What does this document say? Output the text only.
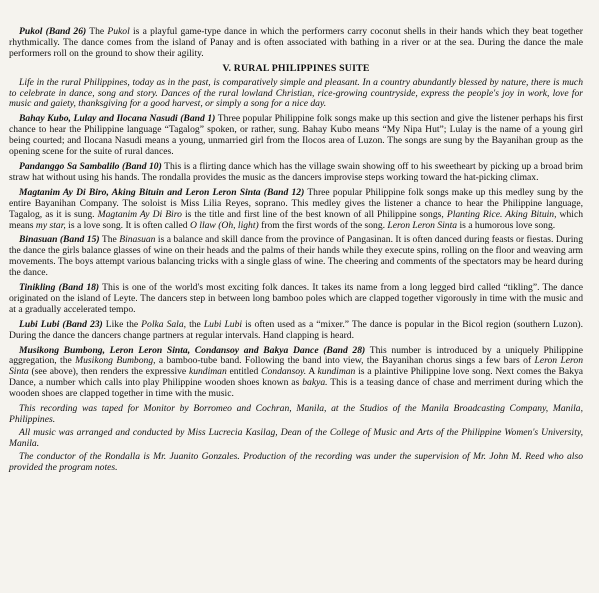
Pukol (Band 26) The Pukol is a playful game-type dance in which the performers carry coconut shells in their hands which they beat together rhythmically. The dance comes from the island of Panay and is often associated with bathing in a river or at the sea. During the dance the male performers roll on the ground to show their agility.

V. RURAL PHILIPPINES SUITE

Life in the rural Philippines, today as in the past, is comparatively simple and pleasant. In a country abundantly blessed by nature, there is much to celebrate in dance, song and story. Dances of the rural lowland Christian, rice-growing countryside, express the people's joy in work, love for music and gaiety, thanksgiving for a good harvest, or simply a song for a nice day.

Bahay Kubo, Lulay and Ilocana Nasudi (Band 1) Three popular Philippine folk songs make up this section and give the listener perhaps his first chance to hear the Philippine language “Tagalog” spoken, or rather, sung. Bahay Kubo means “My Nipa Hut”; Lulay is the name of a young girl being courted; and Ilocana Nasudi means a young, unmarried girl from the Ilocos area of Luzon. The songs are sung by the Bayanihan group as the opening scene for the suite of rural dances.

Pandanggo Sa Sambalilo (Band 10) This is a flirting dance which has the village swain showing off to his sweetheart by picking up a broad brim straw hat without using his hands. The rondalla provides the music as the dancers improvise steps working toward the hat-picking climax.

Magtanim Ay Di Biro, Aking Bituin and Leron Leron Sinta (Band 12) Three popular Philippine folk songs make up this medley sung by the entire Bayanihan Company. The soloist is Miss Lilia Reyes, soprano. This medley gives the listener a chance to hear the Philippine language, Tagalog, as it is sung. Magtanim Ay Di Biro is the title and first line of the best known of all Philippine songs, Planting Rice. Aking Bituin, which means my star, is a love song. It is often called O llaw (Oh, light) from the first words of the song. Leron Leron Sinta is a humorous love song.

Binasuan (Band 15) The Binasuan is a balance and skill dance from the province of Pangasinan. It is often danced during feasts or fiestas. During the dance the girls balance glasses of wine on their heads and the palms of their hands while they execute spins, rolling on the floor and weaving arm movements. The boys attempt various balancing tricks with a single glass of wine. The cheering and comments of the spectators may be heard during the dance.

Tinikling (Band 18) This is one of the world's most exciting folk dances. It takes its name from a long legged bird called “tikling”. The dance originated on the island of Leyte. The dancers step in between long bamboo poles which are clapped together vigorously in time with the music and at a gradually accelerated tempo.

Lubi Lubi (Band 23) Like the Polka Sala, the Lubi Lubi is often used as a “mixer.” The dance is popular in the Bicol region (southern Luzon). During the dance the dancers change partners at regular intervals. Hand clapping is heard.

Musikong Bumbong, Leron Leron Sinta, Condansoy and Bakya Dance (Band 28) This number is introduced by a uniquely Philippine aggregation, the Musikong Bumbong, a bamboo-tube band. Following the band into view, the Bayanihan chorus sings a few bars of Leron Leron Sinta (see above), then renders the expressive kundiman entitled Condansoy. A kundiman is a plaintive Philippine love song. Next comes the Bakya Dance, a number which calls into play Philippine wooden shoes known as bakya. This is a teasing dance of chase and merriment during which the wooden shoes are clapped together in time with the music.

This recording was taped for Monitor by Borromeo and Cochran, Manila, at the Studios of the Manila Broadcasting Company, Manila, Philippines.

All music was arranged and conducted by Miss Lucrecia Kasilag, Dean of the College of Music and Arts of the Philippine Women's University, Manila.

The conductor of the Rondalla is Mr. Juanito Gonzales. Production of the recording was under the supervision of Mr. John M. Reed who also provided the program notes.
